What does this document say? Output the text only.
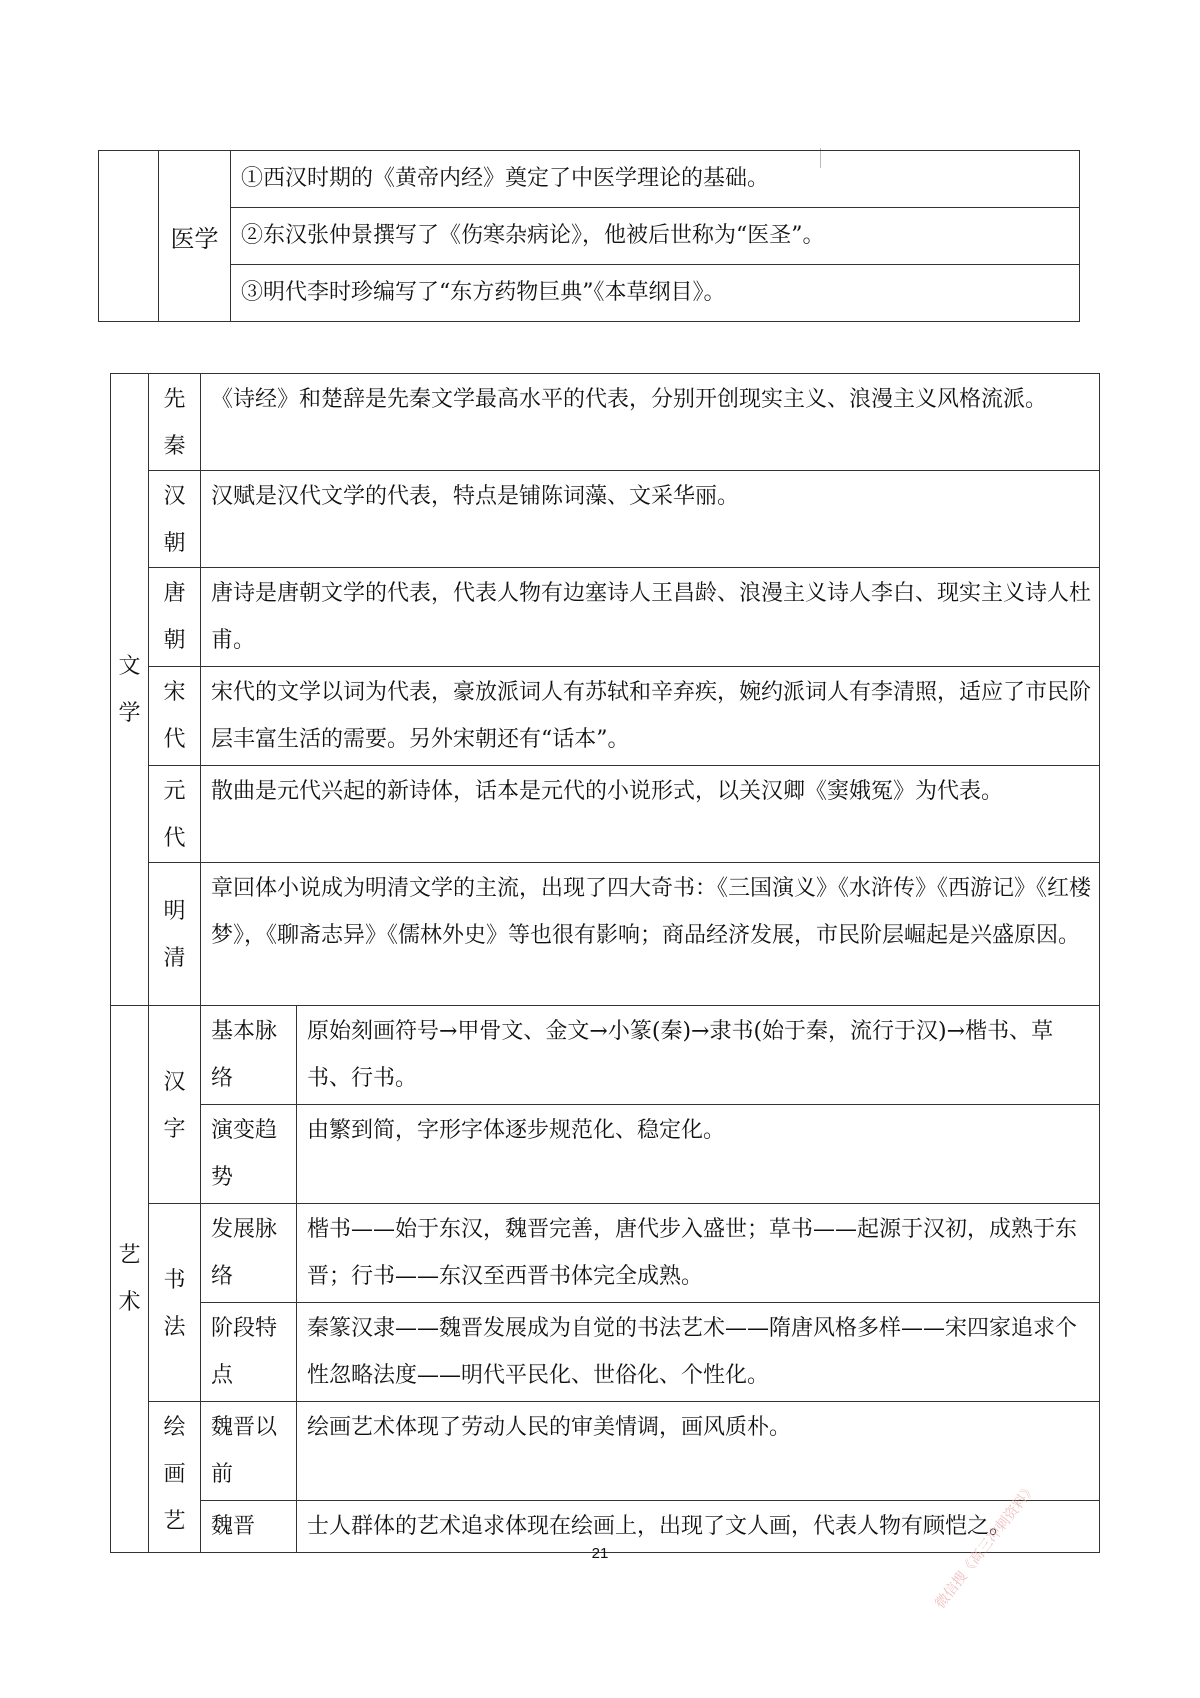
	医学	①西汉时期的《黄帝内经》奠定了中医学理论的基础。
②东汉张仲景撰写了《伤寒杂病论》，他被后世称为“医圣”。
③明代李时珍编写了“东方药物巨典”《本草纲目》。
文
学	先
秦	《诗经》和楚辞是先秦文学最高水平的代表，分别开创现实主义、浪漫主义风格流派。	

	汉
朝	汉赋是汉代文学的代表，特点是铺陈词藻、文采华丽。	

	唐
朝	唐诗是唐朝文学的代表，代表人物有边塞诗人王昌龄、浪漫主义诗人李白、现实主义诗人杜甫。	

	宋
代	宋代的文学以词为代表，豪放派词人有苏轼和辛弃疾，婉约派词人有李清照，适应了市民阶层丰富生活的需要。另外宋朝还有“话本”。	

	元
代	散曲是元代兴起的新诗体，话本是元代的小说形式，以关汉卿《窦娥冤》为代表。	

	明
清	章回体小说成为明清文学的主流，出现了四大奇书：《三国演义》《水浒传》《西游记》《红楼梦》，《聊斋志异》《儒林外史》等也很有影响；商品经济发展，市民阶层崛起是兴盛原因。	
艺
术	汉
字	基本脉络	原始刻画符号→甲骨文、金文→小篆(秦)→隶书(始于秦，流行于汉)→楷书、草书、行书。
		演变趋势	由繁到简，字形字体逐步规范化、稳定化。

	书
法	发展脉络	楷书——始于东汉，魏晋完善，唐代步入盛世；草书——起源于汉初，成熟于东晋；行书——东汉至西晋书体完全成熟。
		阶段特点	秦篆汉隶——魏晋发展成为自觉的书法艺术——隋唐风格多样——宋四家追求个性忽略法度——明代平民化、世俗化、个性化。

	绘
画
艺	魏晋以前	绘画艺术体现了劳动人民的审美情调，画风质朴。
		魏晋	士人群体的艺术追求体现在绘画上，出现了文人画，代表人物有顾恺之。
21	微信搜《高三冲刺资料》
